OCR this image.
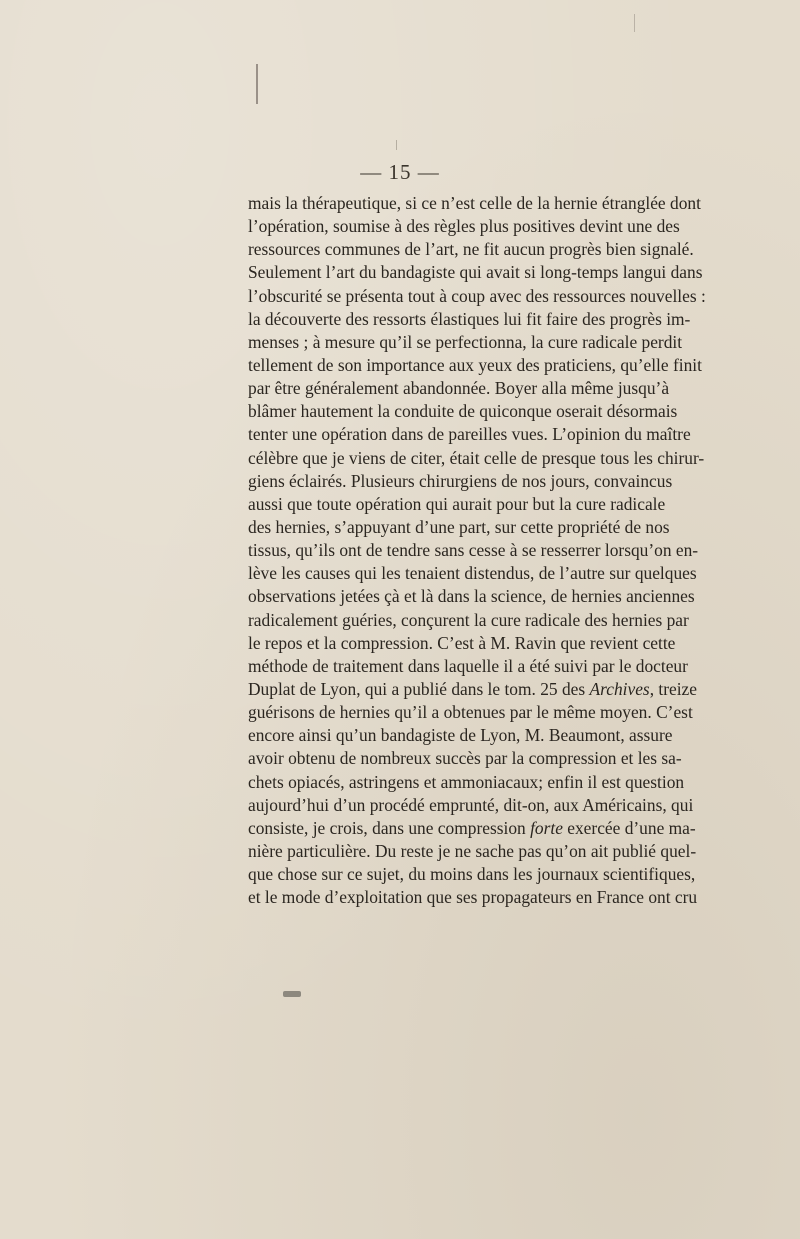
— 15 —
mais la thérapeutique, si ce n’est celle de la hernie étranglée dont
l’opération, soumise à des règles plus positives devint une des
ressources communes de l’art, ne fit aucun progrès bien signalé.
Seulement l’art du bandagiste qui avait si long-temps langui dans
l’obscurité se présenta tout à coup avec des ressources nouvelles :
la découverte des ressorts élastiques lui fit faire des progrès im-
menses ; à mesure qu’il se perfectionna, la cure radicale perdit
tellement de son importance aux yeux des praticiens, qu’elle finit
par être généralement abandonnée. Boyer alla même jusqu’à
blâmer hautement la conduite de quiconque oserait désormais
tenter une opération dans de pareilles vues. L’opinion du maître
célèbre que je viens de citer, était celle de presque tous les chirur-
giens éclairés. Plusieurs chirurgiens de nos jours, convaincus
aussi que toute opération qui aurait pour but la cure radicale
des hernies, s’appuyant d’une part, sur cette propriété de nos
tissus, qu’ils ont de tendre sans cesse à se resserrer lorsqu’on en-
lève les causes qui les tenaient distendus, de l’autre sur quelques
observations jetées çà et là dans la science, de hernies anciennes
radicalement guéries, conçurent la cure radicale des hernies par
le repos et la compression. C’est à M. Ravin que revient cette
méthode de traitement dans laquelle il a été suivi par le docteur
Duplat de Lyon, qui a publié dans le tom. 25 des Archives, treize
guérisons de hernies qu’il a obtenues par le même moyen. C’est
encore ainsi qu’un bandagiste de Lyon, M. Beaumont, assure
avoir obtenu de nombreux succès par la compression et les sa-
chets opiacés, astringens et ammoniacaux; enfin il est question
aujourd’hui d’un procédé emprunté, dit-on, aux Américains, qui
consiste, je crois, dans une compression forte exercée d’une ma-
nière particulière. Du reste je ne sache pas qu’on ait publié quel-
que chose sur ce sujet, du moins dans les journaux scientifiques,
et le mode d’exploitation que ses propagateurs en France ont cru
